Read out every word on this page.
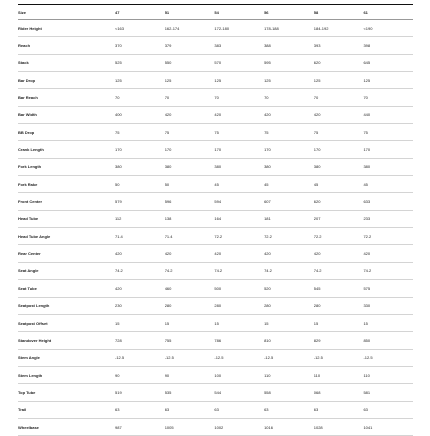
Size	47	51	54	56	58	61
Rider Height	<163	162-174	172-180	178-188	184-192	<190
Reach	370	379	383	388	393	398
Stack	525	550	570	595	620	645
Bar Drop	125	125	125	125	125	125
Bar Reach	70	70	70	70	70	70
Bar Width	400	420	420	420	420	440
BB Drop	75	75	75	75	75	75
Crank Length	170	170	170	170	170	170
Fork Length	380	380	380	380	380	380
Fork Rake	50	50	45	45	45	45
Front Center	579	596	594	607	620	633
Head Tube	112	138	164	181	207	233
Head Tube Angle	71.4	71.4	72.2	72.2	72.2	72.2
Rear Center	420	420	420	420	420	420
Seat Angle	74.2	74.2	74.2	74.2	74.2	74.2
Seat Tube	420	460	500	520	545	575
Seatpost Length	230	280	280	280	280	330
Seatpost Offset	15	15	15	15	15	15
Standover Height	728	755	786	810	829	850
Stem Angle	-12.5	-12.5	-12.5	-12.5	-12.5	-12.5
Stem Length	90	90	100	110	110	110
Top Tube	519	535	544	558	068	581
Trail	63	63	63	63	63	63
Wheelbase	987	1005	1002	1016	1028	1041
